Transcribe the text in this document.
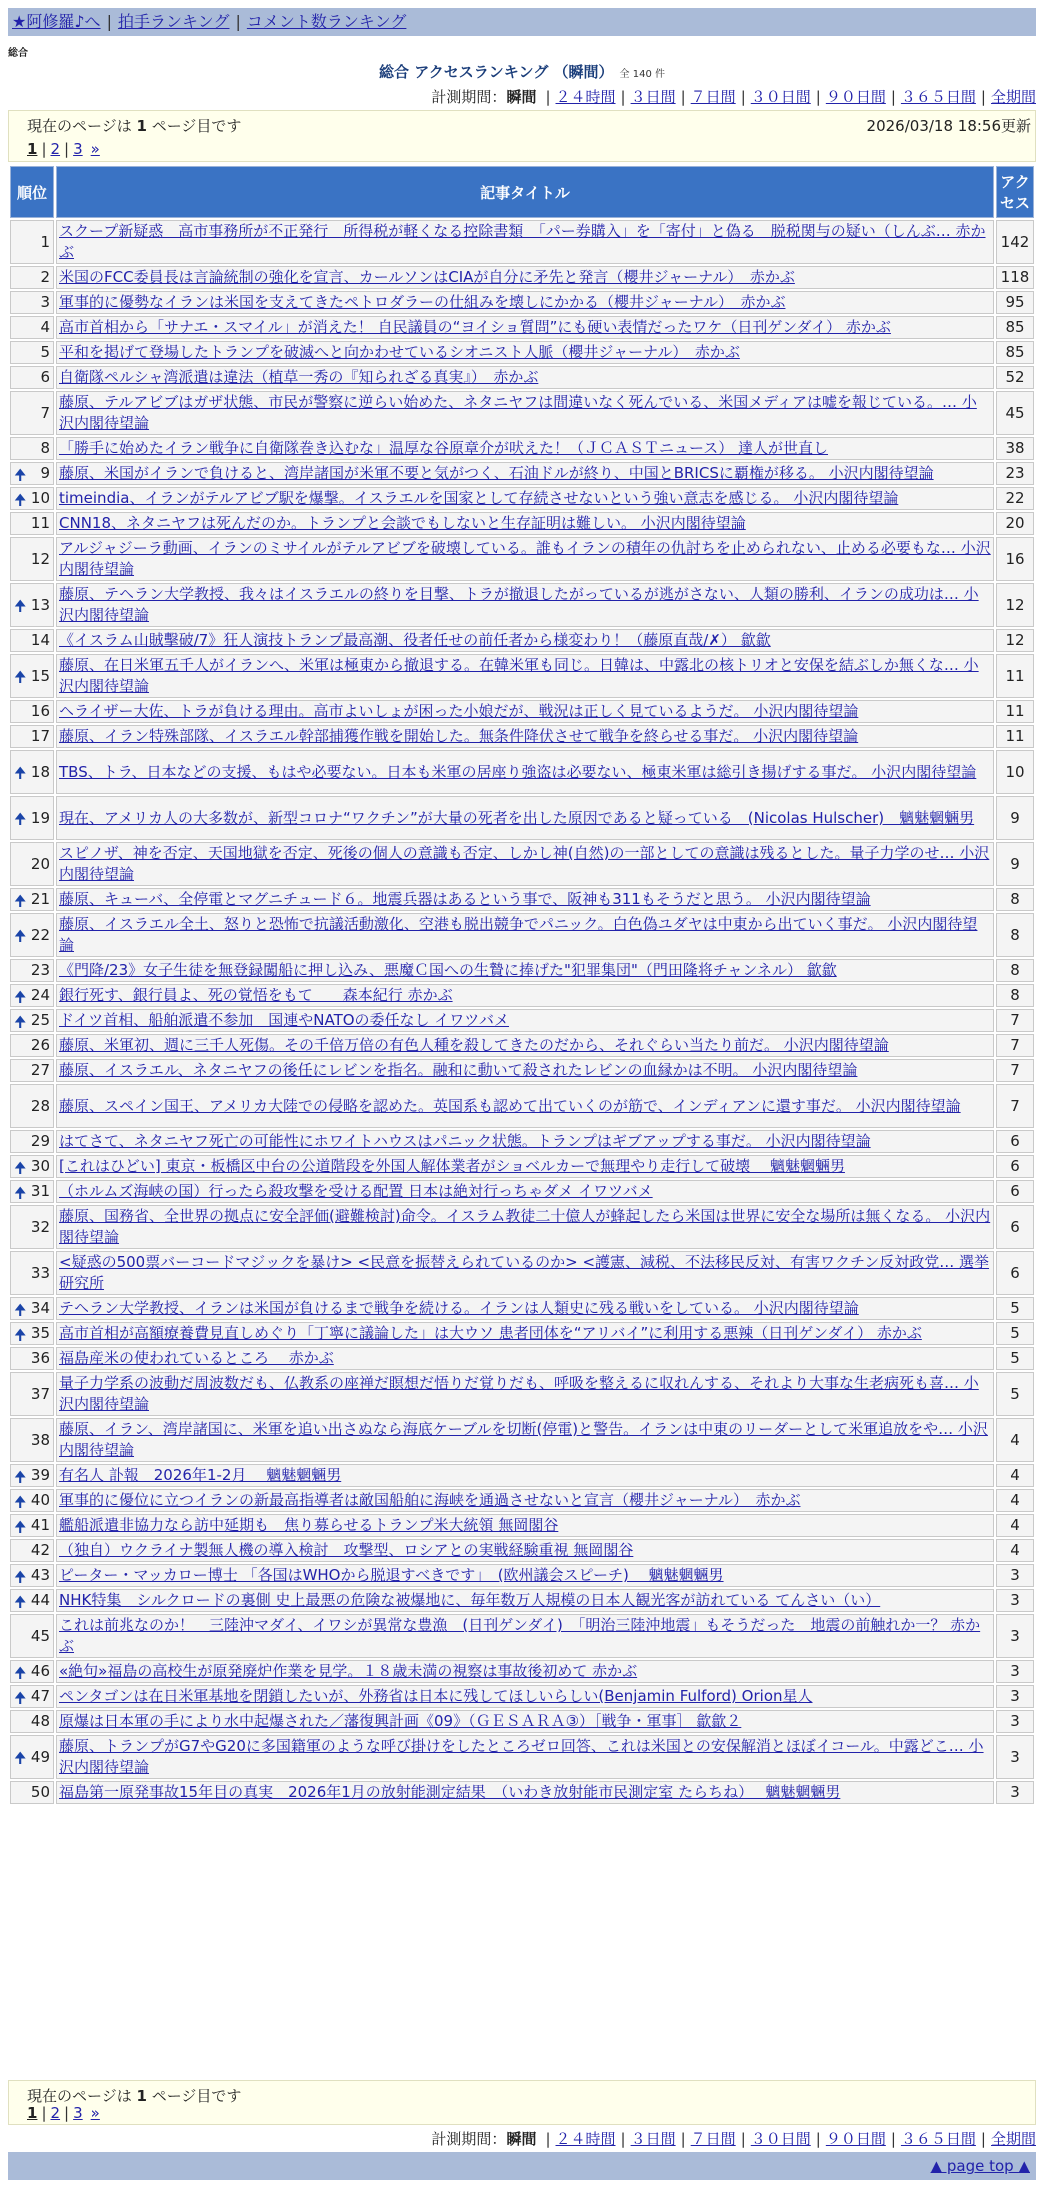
★阿修羅♪へ | 拍手ランキング | コメント数ランキング
総合
総合 アクセスランキング （瞬間） 全 140 件
計測期間：瞬間 | ２４時間 | ３日間 | ７日間 | ３０日間 | ９０日間 | ３６５日間 | 全期間
現在のページは 1 ページ目です	2026/03/18 18:56更新
1 | 2 | 3 »
順位	記事タイトル	アクセス
1	スクープ新疑惑　高市事務所が不正発行　所得税が軽くなる控除書類　「パー券購入」を「寄付」と偽る　脱税関与の疑い（しんぶ… 赤かぶ	142
2	米国のFCC委員長は言論統制の強化を宣言、カールソンはCIAが自分に矛先と発言（櫻井ジャーナル）　赤かぶ	118
3	軍事的に優勢なイランは米国を支えてきたペトロダラーの仕組みを壊しにかかる（櫻井ジャーナル）　赤かぶ	95
4	高市首相から「サナエ・スマイル」が消えた！ 自民議員の“ヨイショ質問”にも硬い表情だったワケ（日刊ゲンダイ） 赤かぶ	85
5	平和を掲げて登場したトランプを破滅へと向かわせているシオニスト人脈（櫻井ジャーナル）　赤かぶ	85
6	自衛隊ペルシャ湾派遣は違法（植草一秀の『知られざる真実』）　赤かぶ	52
7	藤原、テルアビブはガザ状態、市民が警察に逆らい始めた、ネタニヤフは間違いなく死んでいる、米国メディアは嘘を報じている。… 小沢内閣待望論	45
8	「勝手に始めたイラン戦争に自衛隊巻き込むな」温厚な谷原章介が吠えた！（ＪＣＡＳＴニュース） 達人が世直し	38

🠉 9	藤原、米国がイランで負けると、湾岸諸国が米軍不要と気がつく、石油ドルが終り、中国とBRICSに覇権が移る。 小沢内閣待望論	23

🠉 10	timeindia、イランがテルアビブ駅を爆撃。イスラエルを国家として存続させないという強い意志を感じる。 小沢内閣待望論	22
11	CNN18、ネタニヤフは死んだのか。トランプと会談でもしないと生存証明は難しい。 小沢内閣待望論	20
12	アルジャジーラ動画、イランのミサイルがテルアビブを破壊している。誰もイランの積年の仇討ちを止められない、止める必要もな… 小沢内閣待望論	16

🠉 13	藤原、テヘラン大学教授、我々はイスラエルの終りを目撃、トラが撤退したがっているが逃がさない、人類の勝利、イランの成功は… 小沢内閣待望論	12
14	《イスラム山賊擊破/7》狂人演技トランプ最高潮、役者任せの前任者から様変わり！（藤原直哉/✗） 歙歙	12

🠉 15	藤原、在日米軍五千人がイランへ、米軍は極東から撤退する。在韓米軍も同じ。日韓は、中露北の核トリオと安保を結ぶしか無くな… 小沢内閣待望論	11
16	ヘライザー大佐、トラが負ける理由。高市よいしょが困った小娘だが、戦況は正しく見ているようだ。 小沢内閣待望論	11
17	藤原、イラン特殊部隊、イスラエル幹部捕獲作戦を開始した。無条件降伏させて戦争を終らせる事だ。 小沢内閣待望論	11

🠉 18	TBS、トラ、日本などの支援、もはや必要ない。日本も米軍の居座り強盗は必要ない、極東米軍は総引き揚げする事だ。 小沢内閣待望論	10

🠉 19	現在、アメリカ人の大多数が、新型コロナ“ワクチン”が大量の死者を出した原因であると疑っている　(Nicolas Hulscher)　魑魅魍魎男	9
20	スピノザ、神を否定、天国地獄を否定、死後の個人の意識も否定、しかし神(自然)の一部としての意識は残るとした。量子力学のせ… 小沢内閣待望論	9

🠉 21	藤原、キューバ、全停電とマグニチュード６。地震兵器はあるという事で、阪神も311もそうだと思う。 小沢内閣待望論	8

🠉 22	藤原、イスラエル全土、怒りと恐怖で抗議活動激化、空港も脱出競争でパニック。白色偽ユダヤは中東から出ていく事だ。 小沢内閣待望論	8
23	《門降/23》女子生徒を無登録闖船に押し込み、悪魔Ｃ国への生贄に捧げた"犯罪集団"（門田隆将チャンネル） 歙歙	8

🠉 24	銀行死す、銀行員よ、死の覚悟をもて　　森本紀行 赤かぶ	8

🠉 25	ドイツ首相、船舶派遣不参加　国連やNATOの委任なし イワツバメ	7
26	藤原、米軍初、週に三千人死傷。その千倍万倍の有色人種を殺してきたのだから、それぐらい当たり前だ。 小沢内閣待望論	7
27	藤原、イスラエル、ネタニヤフの後任にレビンを指名。融和に動いて殺されたレビンの血縁かは不明。 小沢内閣待望論	7
28	藤原、スペイン国王、アメリカ大陸での侵略を認めた。英国系も認めて出ていくのが筋で、インディアンに還す事だ。 小沢内閣待望論	7
29	はてさて、ネタニヤフ死亡の可能性にホワイトハウスはパニック状態。トランプはギブアップする事だ。 小沢内閣待望論	6

🠉 30	[これはひどい] 東京・板橋区中台の公道階段を外国人解体業者がショベルカーで無理やり走行して破壊　 魑魅魍魎男	6

🠉 31	（ホルムズ海峡の国）行ったら殺攻撃を受ける配置 日本は絶対行っちゃダメ イワツバメ	6
32	藤原、国務省、全世界の拠点に安全評価(避難検討)命令。イスラム教徒二十億人が蜂起したら米国は世界に安全な場所は無くなる。 小沢内閣待望論	6
33	<疑惑の500票バーコードマジックを暴け> <民意を振替えられているのか> <護憲、減税、不法移民反対、有害ワクチン反対政党… 選挙研究所	6

🠉 34	テヘラン大学教授、イランは米国が負けるまで戦争を続ける。イランは人類史に残る戦いをしている。 小沢内閣待望論	5

🠉 35	高市首相が高額療養費見直しめぐり「丁寧に議論した」は大ウソ 患者団体を“アリバイ”に利用する悪辣（日刊ゲンダイ） 赤かぶ	5
36	福島産米の使われているところ　 赤かぶ	5
37	量子力学系の波動だ周波数だも、仏教系の座禅だ瞑想だ悟りだ覚りだも、呼吸を整えるに収れんする、それより大事な生老病死も喜… 小沢内閣待望論	5
38	藤原、イラン、湾岸諸国に、米軍を追い出さぬなら海底ケーブルを切断(停電)と警告。イランは中東のリーダーとして米軍追放をや… 小沢内閣待望論	4

🠉 39	有名人 訃報　2026年1-2月　 魑魅魍魎男	4

🠉 40	軍事的に優位に立つイランの新最高指導者は敵国船舶に海峡を通過させないと宣言（櫻井ジャーナル）　赤かぶ	4

🠉 41	艦船派遣非協力なら訪中延期も　焦り募らせるトランプ米大統領 無岡閣谷	4
42	（独自）ウクライナ製無人機の導入検討　攻撃型、ロシアとの実戦経験重視 無岡閣谷	4

🠉 43	ピーター・マッカロー博士 「各国はWHOから脱退すべきです」　(欧州議会スピーチ)　 魑魅魍魎男	3

🠉 44	NHK特集　シルクロードの裏側 史上最悪の危険な被爆地に、毎年数万人規模の日本人観光客が訪れている てんさい（い）	3
45	これは前兆なのか！　三陸沖マダイ、イワシが異常な豊漁　(日刊ゲンダイ)　「明治三陸沖地震」もそうだった　地震の前触れか一？ 赤かぶ	3

🠉 46	«絶句»福島の高校生が原発廃炉作業を見学。１８歳未満の視察は事故後初めて 赤かぶ	3

🠉 47	ペンタゴンは在日米軍基地を閉鎖したいが、外務省は日本に残してほしいらしい(Benjamin Fulford) Orion星人	3
48	原爆は日本軍の手により水中起爆された／藩復興計画《09》（ＧＥＳＡＲＡ③）［戦争・軍事］ 歙歙２	3

🠉 49	藤原、トランプがG7やG20に多国籍軍のような呼び掛けをしたところゼロ回答、これは米国との安保解消とほぼイコール。中露どこ… 小沢内閣待望論	3
50	福島第一原発事故15年目の真実　2026年1月の放射能測定結果　（いわき放射能市民測定室 たらちね）　 魑魅魍魎男	3
現在のページは 1 ページ目です
1 | 2 | 3 »
計測期間：瞬間 | ２４時間 | ３日間 | ７日間 | ３０日間 | ９０日間 | ３６５日間 | 全期間
▲ page top ▲
